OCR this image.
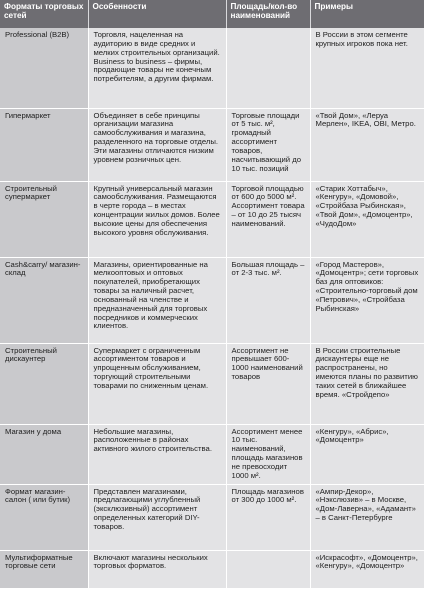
Форматы торговых сетей	Особенности	Площадь/кол-во наименований	Примеры
Professional (B2B)	Торговля, нацеленная на аудиторию в виде средних и мелких строительных организаций. Business to business – фирмы, продающие товары не конечным потребителям, а другим фирмам.		В России в этом сегменте крупных игроков пока нет.
Гипермаркет	Объединяет в себе принципы организации магазина самообслуживания и магазина, разделенного на торговые отделы. Эти магазины отличаются низким уровнем розничных цен.	Торговые площади от 5 тыс. м², громадный ассортимент товаров, насчитывающий до 10 тыс. позиций	«Твой Дом», «Леруа Мерлен», IKEA, OBI, Метро.
Строительный супермаркет	Крупный универсальный магазин самообслуживания. Размещаются в черте города – в местах концентрации жилых домов. Более высокие цены для обеспечения высокого уровня обслуживания.	Торговой площадью от 600 до 5000 м². Ассортимент товара – от 10 до 25 тысяч наименований.	«Старик Хоттабыч», «Кенгуру», «Домовой», «Стройбаза Рыбинская», «Твой Дом», «Домоцентр», «ЧудоДом»
Cash&carry/ магазин-склад	Магазины, ориентированные на мелкооптовых и оптовых покупателей, приобретающих товары за наличный расчет, основанный на членстве и предназначенный для торговых посредников и коммерческих клиентов.	Большая площадь – от 2-3 тыс. м².	«Город Мастеров», «Домоцентр»; сети торговых баз для оптовиков: «Строительно-торговый дом «Петрович», «Стройбаза Рыбинская»
Строительный дискаунтер	Супермаркет с ограниченным ассортиментом товаров и упрощенным обслуживанием, торгующий строительными товарами по сниженным ценам.	Ассортимент не превышает 600-1000 наименований товаров	В России строительные дискаунтеры еще не распространены, но имеются планы по развитию таких сетей в ближайшее время. «Стройдепо»
Магазин у дома	Небольшие магазины, расположенные в районах активного жилого строительства.	Ассортимент менее 10 тыс. наименований, площадь магазинов не превосходит 1000 м².	«Кенгуру», «Абрис», «Домоцентр»
Формат магазин-салон ( или бутик)	Представлен магазинами, предлагающими углубленный (эксклюзивный) ассортимент определенных категорий DIY-товаров.	Площадь магазинов от 300 до 1000 м².	«Ампир-Декор», «Нэкслюзив» – в Москве, «Дом-Лаверна», «Адамант» – в Санкт-Петербурге
Мультиформатные торговые сети	Включают магазины нескольких торговых форматов.		«Искрасофт», «Домоцентр», «Кенгуру», «Домоцентр»
